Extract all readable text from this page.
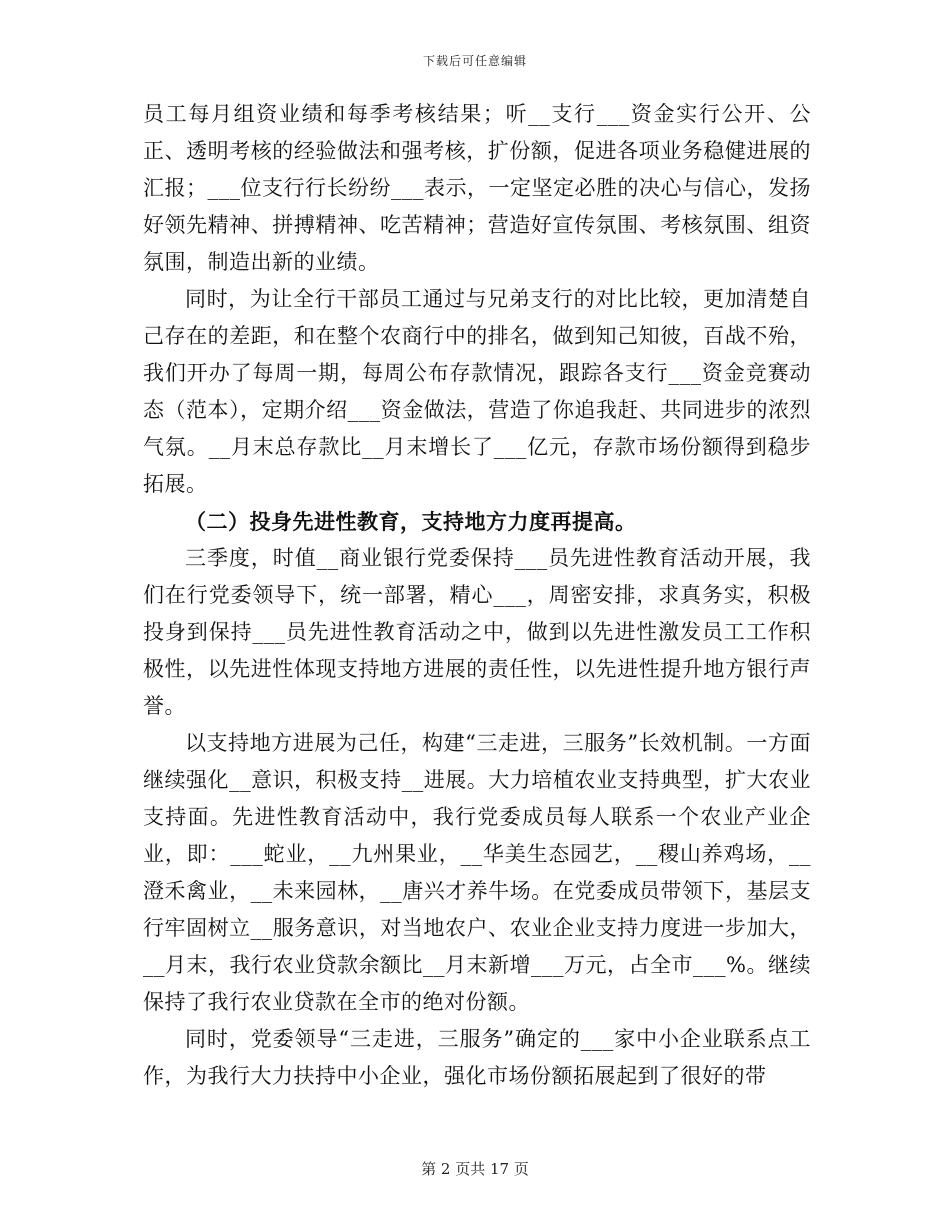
下载后可任意编辑

员工每月组资业绩和每季考核结果；听__支行___资金实行公开、公正、透明考核的经验做法和强考核，扩份额，促进各项业务稳健进展的汇报；___位支行行长纷纷___表示，一定坚定必胜的决心与信心，发扬好领先精神、拼搏精神、吃苦精神；营造好宣传氛围、考核氛围、组资氛围，制造出新的业绩。

同时，为让全行干部员工通过与兄弟支行的对比比较，更加清楚自己存在的差距，和在整个农商行中的排名，做到知己知彼，百战不殆，我们开办了每周一期，每周公布存款情况，跟踪各支行___资金竞赛动态（范本），定期介绍___资金做法，营造了你追我赶、共同进步的浓烈气氛。__月末总存款比__月末增长了___亿元，存款市场份额得到稳步拓展。

（二）投身先进性教育，支持地方力度再提高。

三季度，时值__商业银行党委保持___员先进性教育活动开展，我们在行党委领导下，统一部署，精心___，周密安排，求真务实，积极投身到保持___员先进性教育活动之中，做到以先进性激发员工工作积极性，以先进性体现支持地方进展的责任性，以先进性提升地方银行声誉。

以支持地方进展为己任，构建“三走进，三服务”长效机制。一方面继续强化__意识，积极支持__进展。大力培植农业支持典型，扩大农业支持面。先进性教育活动中，我行党委成员每人联系一个农业产业企业，即：___蛇业，__九州果业，__华美生态园艺，__稷山养鸡场，__澄禾禽业，__未来园林，__唐兴才养牛场。在党委成员带领下，基层支行牢固树立__服务意识，对当地农户、农业企业支持力度进一步加大，__月末，我行农业贷款余额比__月末新增___万元，占全市___%。继续保持了我行农业贷款在全市的绝对份额。

同时，党委领导“三走进，三服务”确定的___家中小企业联系点工作，为我行大力扶持中小企业，强化市场份额拓展起到了很好的带

第 2 页共 17 页
